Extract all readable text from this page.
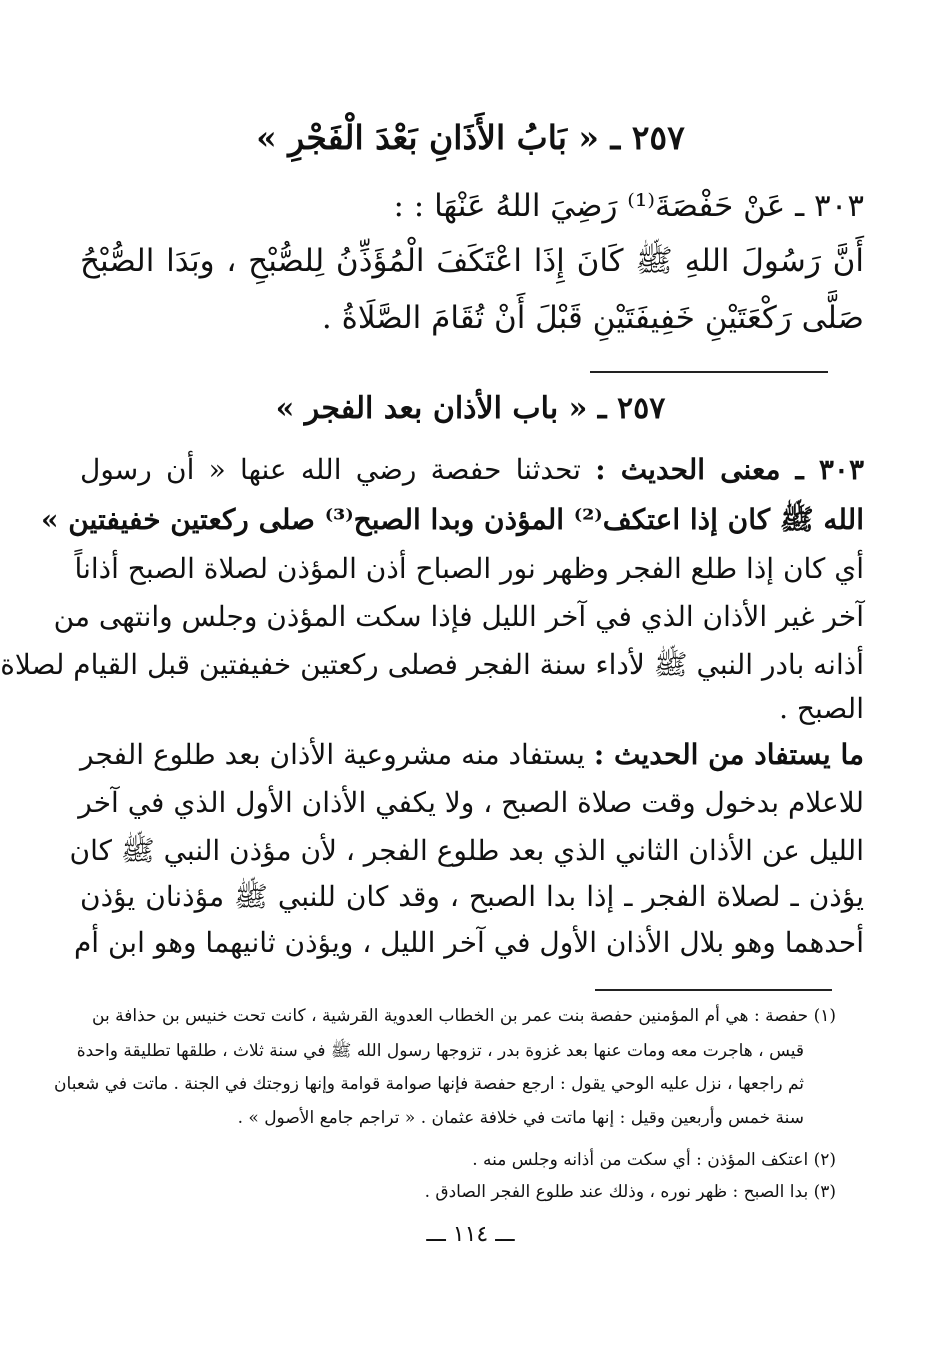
٢٥٧ ـ « بَابُ الأَذَانِ بَعْدَ الْفَجْرِ »
٣٠٣ ـ عَنْ حَفْصَةَ⁽¹⁾ رَضِيَ اللهُ عَنْهَا : :
أَنَّ رَسُولَ اللهِ ﷺ كَانَ إِذَا اعْتَكَفَ الْمُؤَذِّنُ لِلصُّبْحِ ، وبَدَا الصُّبْحُ
صَلَّى رَكْعَتَيْنِ خَفِيفَتَيْنِ قَبْلَ أَنْ تُقَامَ الصَّلَاةُ .
٢٥٧ ـ « باب الأذان بعد الفجر »
٣٠٣ ـ معنى الحديث : تحدثنا حفصة رضي الله عنها « أن رسول
الله ﷺ كان إذا اعتكف⁽²⁾ المؤذن وبدا الصبح⁽³⁾ صلى ركعتين خفيفتين »
أي كان إذا طلع الفجر وظهر نور الصباح أذن المؤذن لصلاة الصبح أذاناً
آخر غير الأذان الذي في آخر الليل فإذا سكت المؤذن وجلس وانتهى من
أذانه بادر النبي ﷺ لأداء سنة الفجر فصلى ركعتين خفيفتين قبل القيام لصلاة
الصبح .
ما يستفاد من الحديث : يستفاد منه مشروعية الأذان بعد طلوع الفجر
للاعلام بدخول وقت صلاة الصبح ، ولا يكفي الأذان الأول الذي في آخر
الليل عن الأذان الثاني الذي بعد طلوع الفجر ، لأن مؤذن النبي ﷺ كان
يؤذن ـ لصلاة الفجر ـ إذا بدا الصبح ، وقد كان للنبي ﷺ مؤذنان يؤذن
أحدهما وهو بلال الأذان الأول في آخر الليل ، ويؤذن ثانيهما وهو ابن أم
(١) حفصة : هي أم المؤمنين حفصة بنت عمر بن الخطاب العدوية القرشية ، كانت تحت خنيس بن حذافة بن
قيس ، هاجرت معه ومات عنها بعد غزوة بدر ، تزوجها رسول الله ﷺ في سنة ثلاث ، طلقها تطليقة واحدة
ثم راجعها ، نزل عليه الوحي يقول : ارجع حفصة فإنها صوامة قوامة وإنها زوجتك في الجنة . ماتت في شعبان
سنة خمس وأربعين وقيل : إنها ماتت في خلافة عثمان . « تراجم جامع الأصول » .
(٢) اعتكف المؤذن : أي سكت من أذانه وجلس منه .
(٣) بدا الصبح : ظهر نوره ، وذلك عند طلوع الفجر الصادق .
ـــ ١١٤ ـــ
